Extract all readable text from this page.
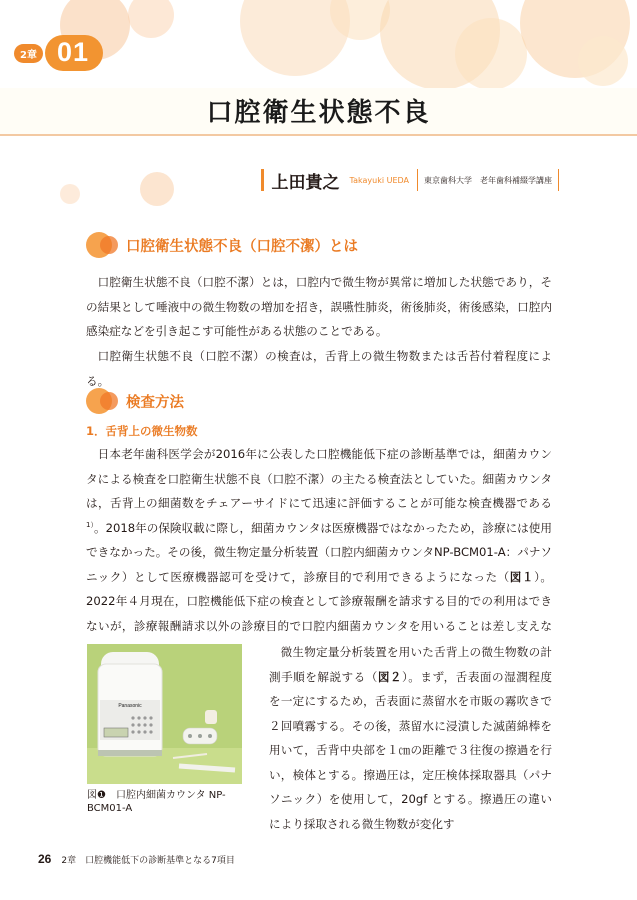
2章 01
口腔衛生状態不良
上田貴之 Takayuki UEDA 東京歯科大学　老年歯科補綴学講座
口腔衛生状態不良（口腔不潔）とは

口腔衛生状態不良（口腔不潔）とは，口腔内で微生物が異常に増加した状態であり，その結果として唾液中の微生物数の増加を招き，誤嚥性肺炎，術後肺炎，術後感染，口腔内感染症などを引き起こす可能性がある状態のことである。

口腔衛生状態不良（口腔不潔）の検査は，舌背上の微生物数または舌苔付着程度による。

検査方法
1．舌背上の微生物数

日本老年歯科医学会が2016年に公表した口腔機能低下症の診断基準では，細菌カウンタによる検査を口腔衛生状態不良（口腔不潔）の主たる検査法としていた。細菌カウンタは，舌背上の細菌数をチェアーサイドにて迅速に評価することが可能な検査機器である$^{1)}$。2018年の保険収載に際し，細菌カウンタは医療機器ではなかったため，診療には使用できなかった。その後，微生物定量分析装置（口腔内細菌カウンタNP-BCM01-A：パナソニック）として医療機器認可を受けて，診療目的で利用できるようになった（図１）。2022年４月現在，口腔機能低下症の検査として診療報酬を請求する目的での利用はできないが，診療報酬請求以外の診療目的で口腔内細菌カウンタを用いることは差し支えな

微生物定量分析装置を用いた舌背上の微生物数の計測手順を解説する（図２）。まず，舌表面の湿潤程度を一定にするため，舌表面に蒸留水を市販の霧吹きで２回噴霧する。その後，蒸留水に浸漬した滅菌綿棒を用いて，舌背中央部を１㎝の距離で３往復の擦過を行い，検体とする。擦過圧は，定圧検体採取器具（パナソニック）を使用して，20gf とする。擦過圧の違いにより採取される微生物数が変化す

Panasonic

図❶　口腔内細菌カウンタ NP-BCM01-A

26 2章　口腔機能低下の診断基準となる7項目
